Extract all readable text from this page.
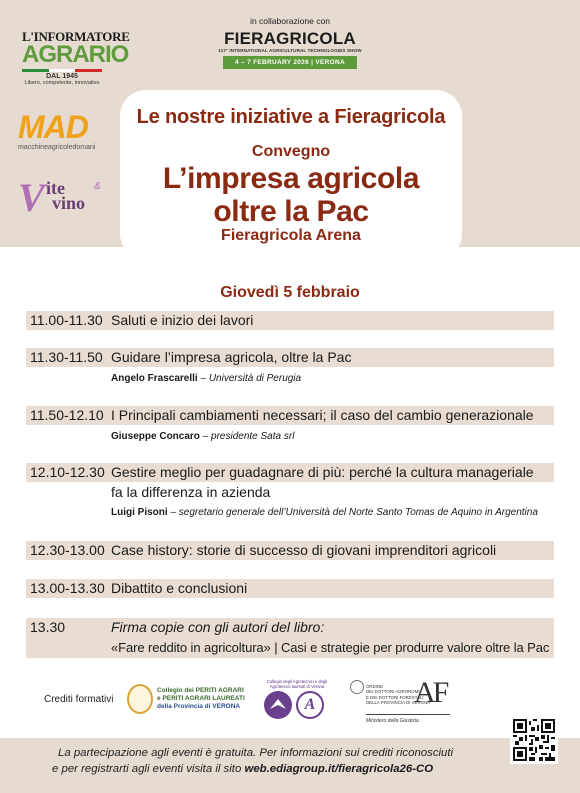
L'INFORMATORE
AGRARIO
DAL 1945
Libero, competente, innovativo
MAD
macchineagricoledomani
V ite
vino
&
in collaborazione con
FIERAGRICOLA
117° INTERNATIONAL AGRICULTURAL TECHNOLOGIES SHOW
4 – 7 FEBRUARY 2026 | VERONA
Le nostre iniziative a Fieragricola
Convegno
L’impresa agricola
oltre la Pac
Fieragricola Arena
Giovedì 5 febbraio
11.00-11.30 Saluti e inizio dei lavori
11.30-11.50 Guidare l’impresa agricola, oltre la Pac
Angelo Frascarelli – Università di Perugia
11.50-12.10 I Principali cambiamenti necessari; il caso del cambio generazionale
Giuseppe Concaro – presidente Sata srl
12.10-12.30 Gestire meglio per guadagnare di più: perché la cultura manageriale
fa la differenza in azienda
Luigi Pisoni – segretario generale dell’Università del Norte Santo Tomas de Aquino in Argentina
12.30-13.00 Case history: storie di successo di giovani imprenditori agricoli
13.00-13.30 Dibattito e conclusioni
13.30	Firma copie con gli autori del libro:
«Fare reddito in agricoltura» | Casi e strategie per produrre valore oltre la Pac
Crediti formativi
Collegio dei PERITI AGRARI
e PERITI AGRARI LAUREATI
della Provincia di VERONA
Collegio degli Agrotecnici e degli Agrotecnici laureati di Verona
A
ORDINE
DEI DOTTORI AGRONOMI
E DEI DOTTORI FORESTALI
DELLA PROVINCIA DI VERONA
AF
Ministero della Giustizia
La partecipazione agli eventi è gratuita. Per informazioni sui crediti riconosciuti
e per registrarti agli eventi visita il sito web.ediagroup.it/fieragricola26-CO
